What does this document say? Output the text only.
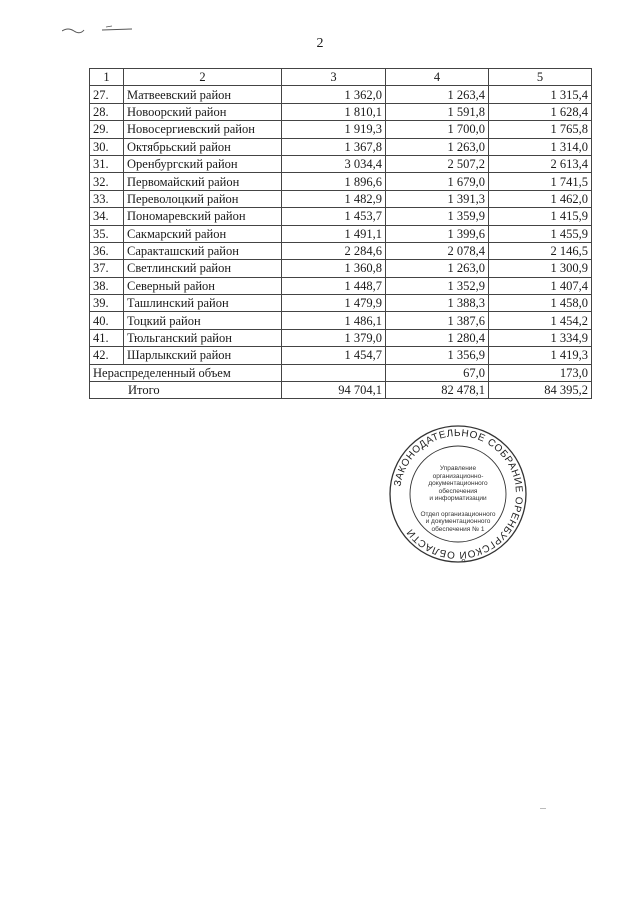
2
1	2	3	4	5
27.	Матвеевский район	1 362,0	1 263,4	1 315,4
28.	Новоорский район	1 810,1	1 591,8	1 628,4
29.	Новосергиевский район	1 919,3	1 700,0	1 765,8
30.	Октябрьский район	1 367,8	1 263,0	1 314,0
31.	Оренбургский район	3 034,4	2 507,2	2 613,4
32.	Первомайский район	1 896,6	1 679,0	1 741,5
33.	Переволоцкий район	1 482,9	1 391,3	1 462,0
34.	Пономаревский район	1 453,7	1 359,9	1 415,9
35.	Сакмарский район	1 491,1	1 399,6	1 455,9
36.	Саракташский район	2 284,6	2 078,4	2 146,5
37.	Светлинский район	1 360,8	1 263,0	1 300,9
38.	Северный район	1 448,7	1 352,9	1 407,4
39.	Ташлинский район	1 479,9	1 388,3	1 458,0
40.	Тоцкий район	1 486,1	1 387,6	1 454,2
41.	Тюльганский район	1 379,0	1 280,4	1 334,9
42.	Шарлыкский район	1 454,7	1 356,9	1 419,3
Нераспределенный объем			67,0	173,0
Итого		94 704,1	82 478,1	84 395,2
ЗАКОНОДАТЕЛЬНОЕ СОБРАНИЕ ОРЕНБУРГСКОЙ ОБЛАСТИ
Управление
организационно-
документационного
обеспечения
и информатизации
Отдел организационного
и документационного
обеспечения № 1
